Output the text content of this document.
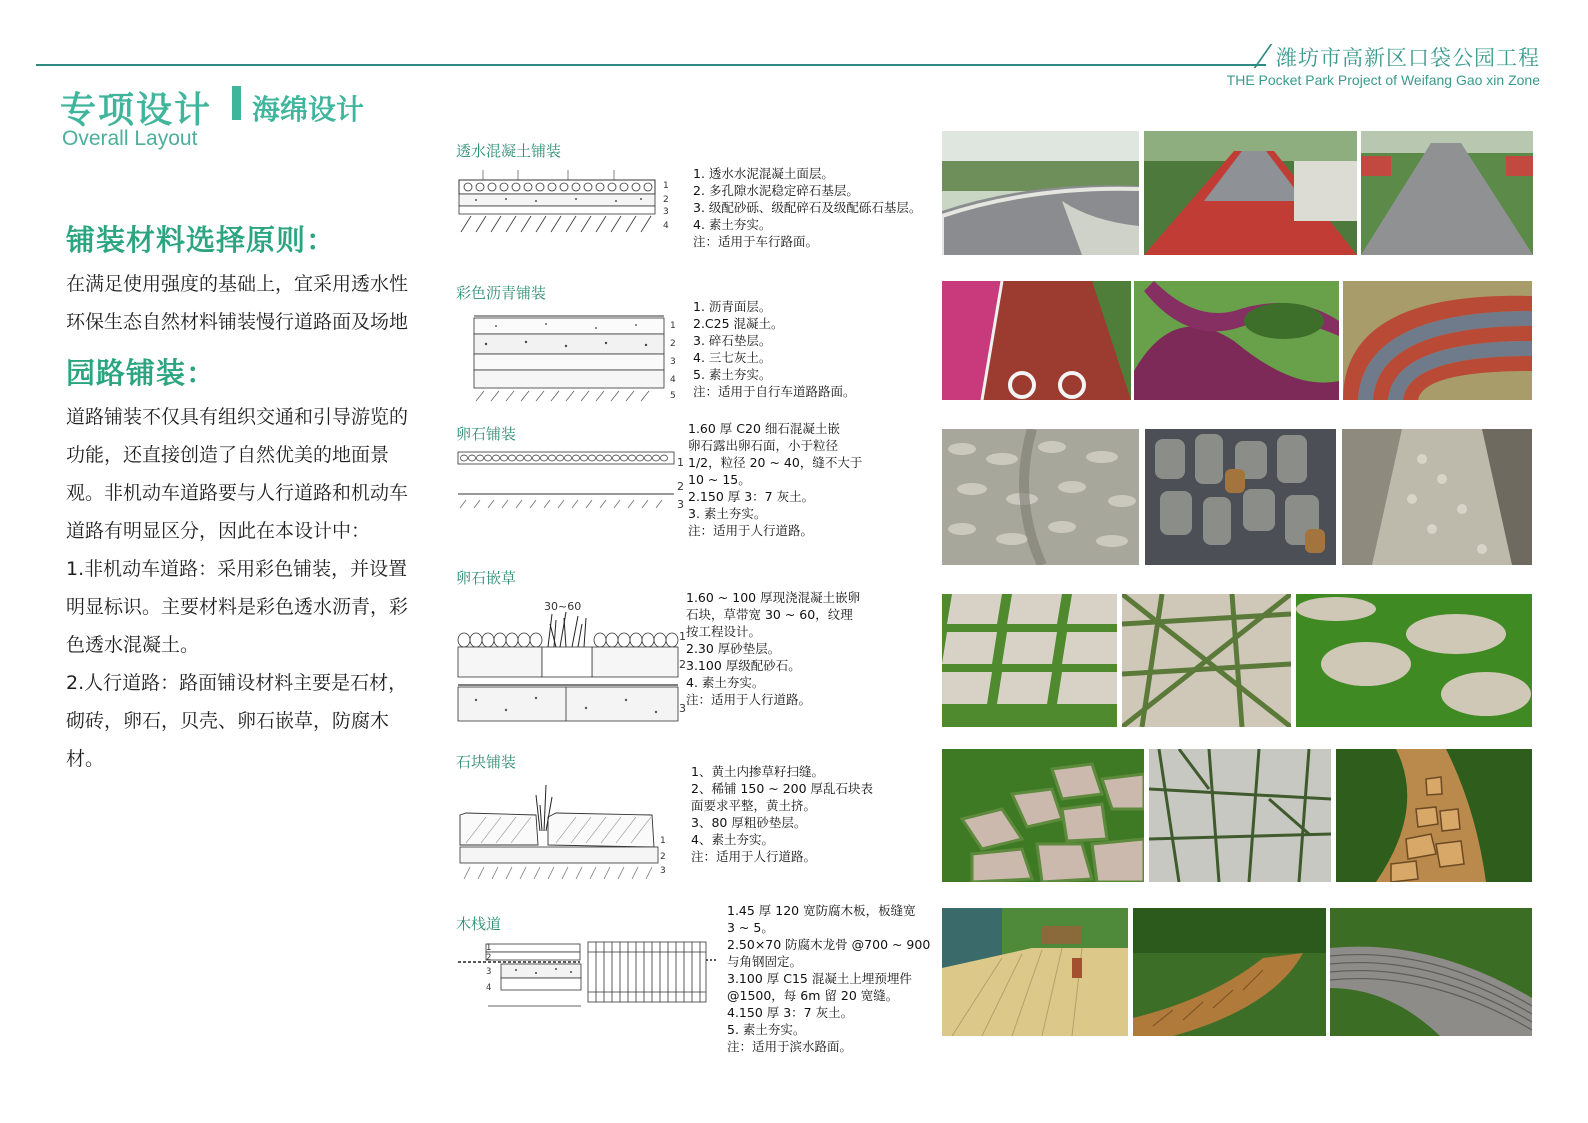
潍坊市高新区口袋公园工程
THE Pocket Park Project of Weifang Gao xin Zone
专项设计 海绵设计
Overall Layout
铺装材料选择原则：
在满足使用强度的基础上，宜采用透水性环保生态自然材料铺装慢行道路面及场地
园路铺装：
道路铺装不仅具有组织交通和引导游览的功能，还直接创造了自然优美的地面景观。非机动车道路要与人行道路和机动车道路有明显区分，因此在本设计中：
1.非机动车道路：采用彩色铺装，并设置明显标识。主要材料是彩色透水沥青，彩色透水混凝土。
2.人行道路：路面铺设材料主要是石材，砌砖，卵石，贝壳、卵石嵌草，防腐木材。
透水混凝土铺装
1
2
3
4
1. 透水水泥混凝土面层。
2. 多孔隙水泥稳定碎石基层。
3. 级配砂砾、级配碎石及级配砾石基层。
4. 素土夯实。
注：适用于车行路面。
彩色沥青铺装
1
2
3
4
5
1. 沥青面层。
2.C25 混凝土。
3. 碎石垫层。
4. 三七灰土。
5. 素土夯实。
注：适用于自行车道路路面。
卵石铺装
1
2
3
1.60 厚 C20 细石混凝土嵌
卵石露出卵石面，小于粒径
1/2，粒径 20 ~ 40，缝不大于
10 ~ 15。
2.150 厚 3：7 灰土。
3. 素土夯实。
注：适用于人行道路。
卵石嵌草
30~60
1
2
3
1.60 ~ 100 厚现浇混凝土嵌卵
石块，草带宽 30 ~ 60，纹理
按工程设计。
2.30 厚砂垫层。
3.100 厚级配砂石。
4. 素土夯实。
注：适用于人行道路。
石块铺装
1
2
3
1、黄土内掺草籽扫缝。
2、稀铺 150 ~ 200 厚乱石块表
面要求平整，黄土挤。
3、80 厚粗砂垫层。
4、素土夯实。
注：适用于人行道路。
木栈道
1
2
3
4
1.45 厚 120 宽防腐木板，板缝宽
3 ~ 5。
2.50×70 防腐木龙骨 @700 ~ 900
与角钢固定。
3.100 厚 C15 混凝土上埋预埋件
@1500，每 6m 留 20 宽缝。
4.150 厚 3：7 灰土。
5. 素土夯实。
注：适用于滨水路面。
